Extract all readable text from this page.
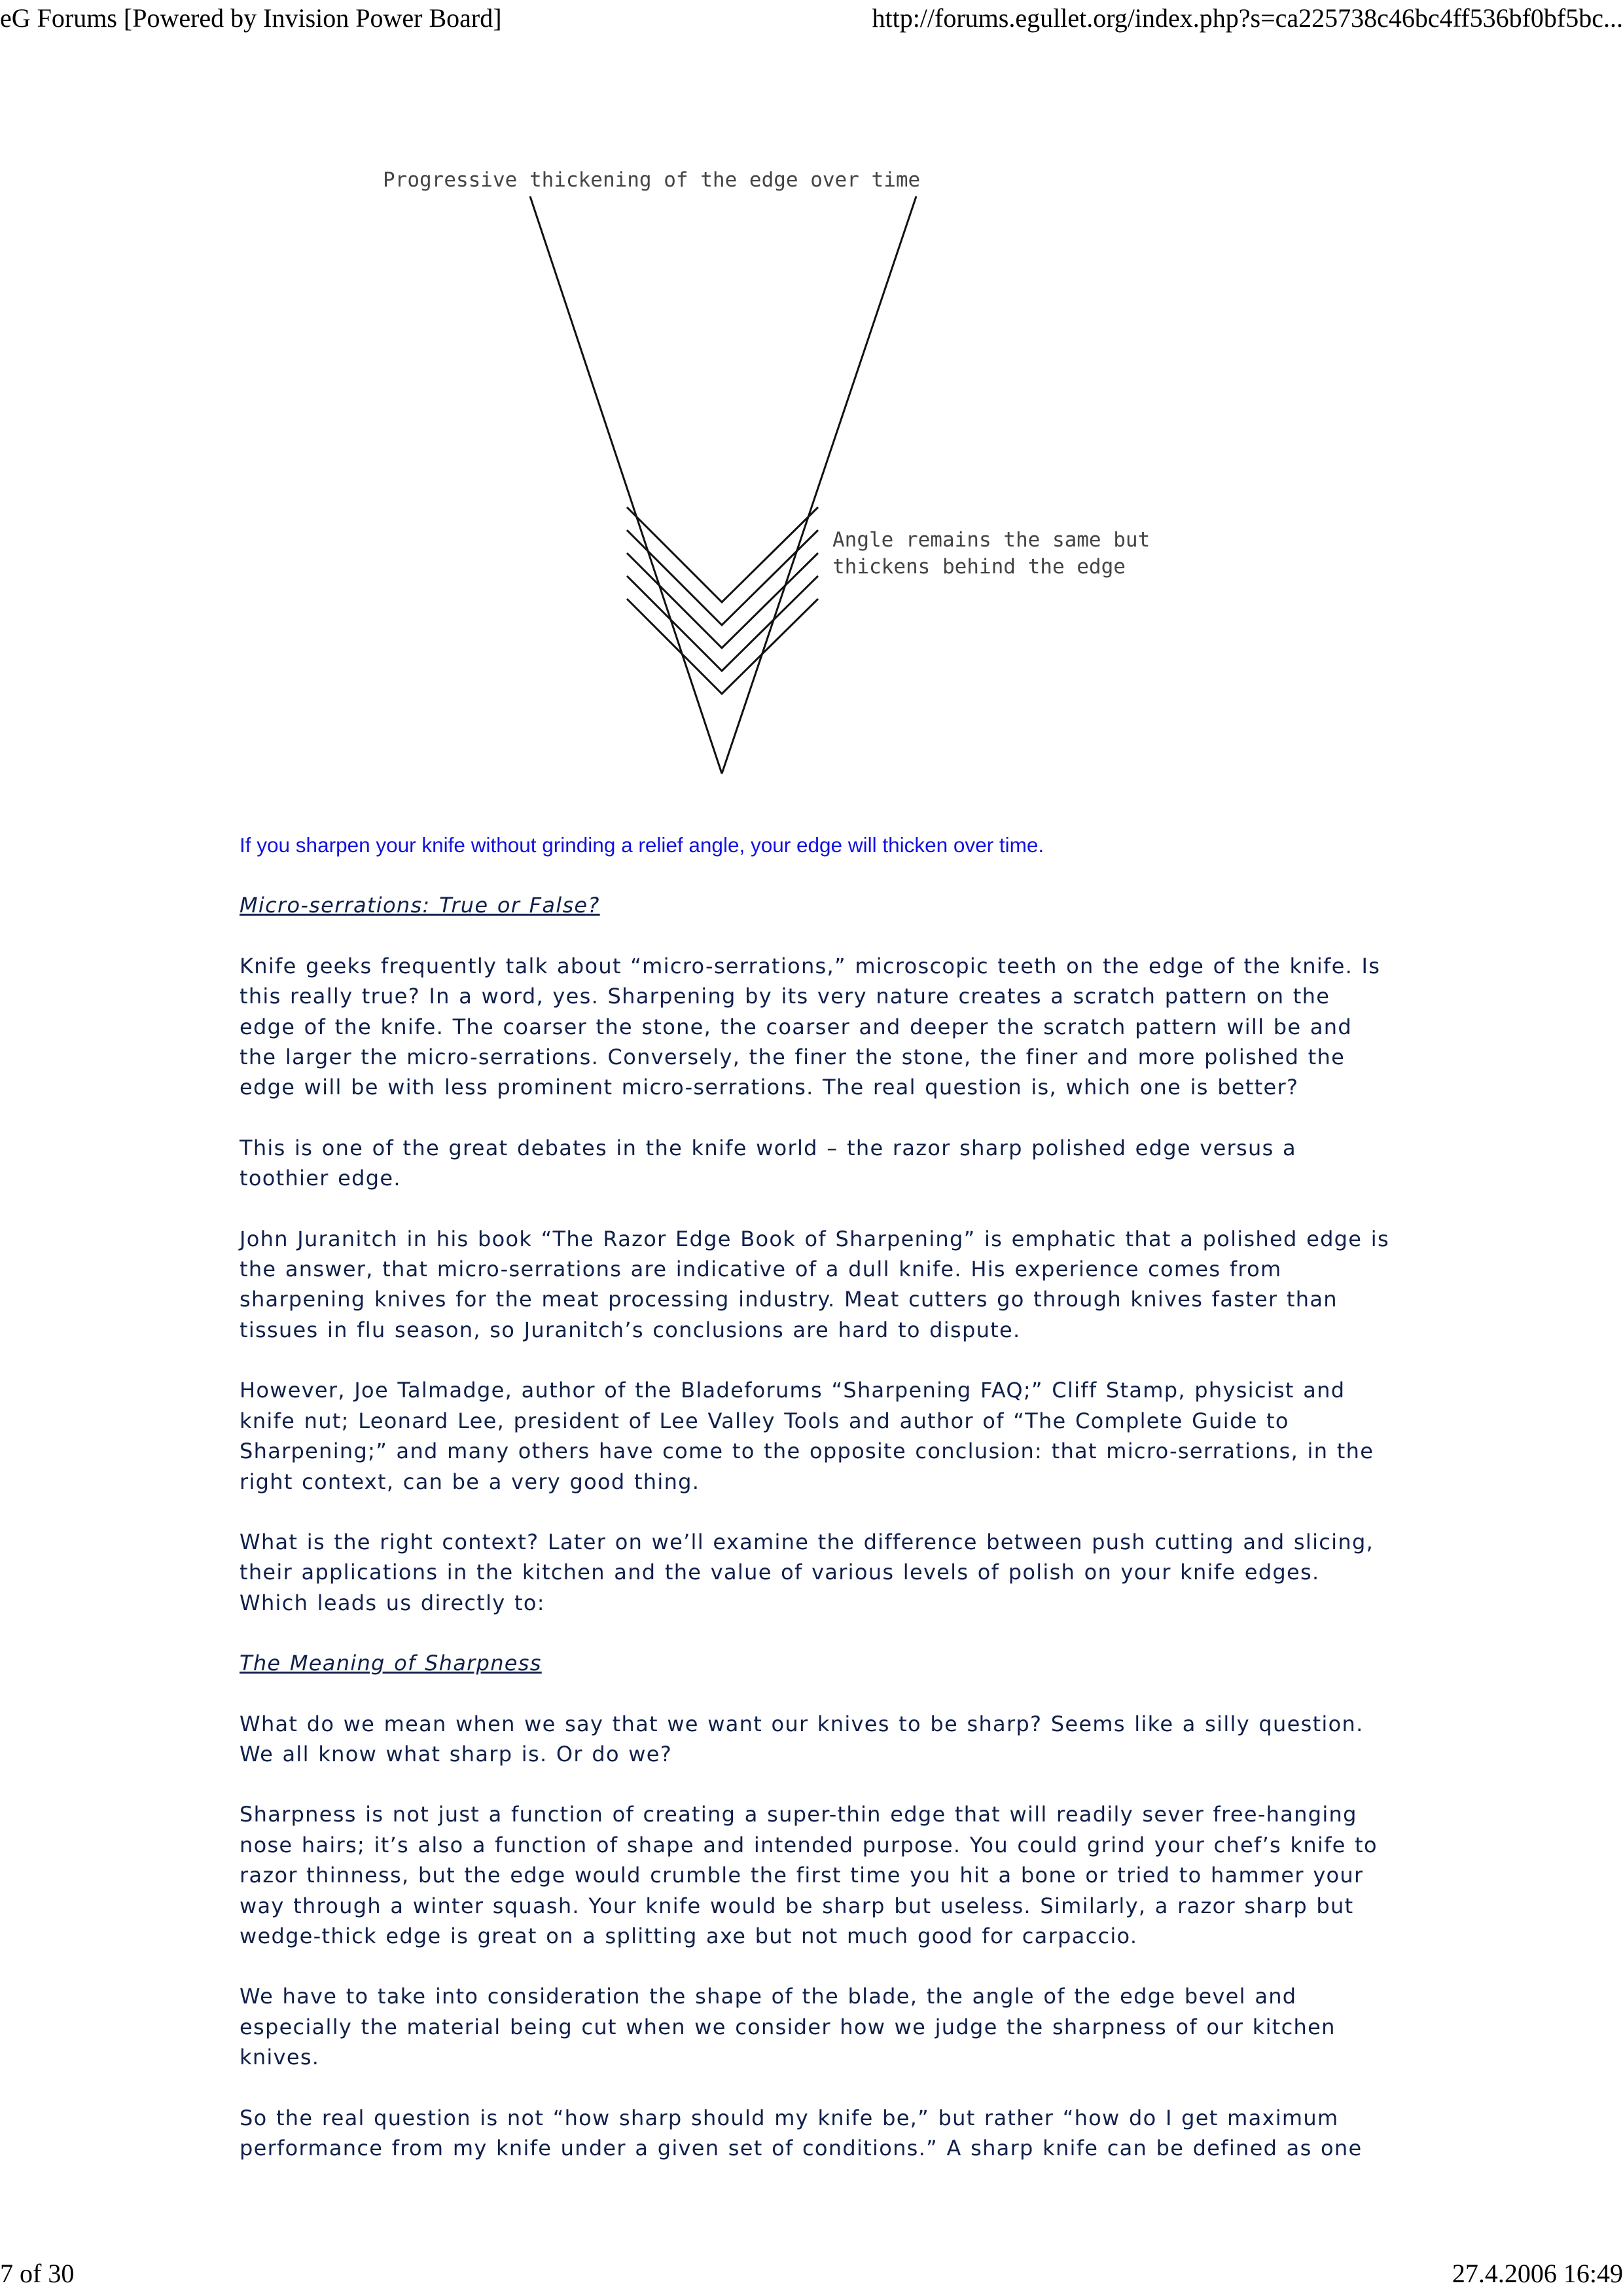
eG Forums [Powered by Invision Power Board]	http://forums.egullet.org/index.php?s=ca225738c46bc4ff536bf0bf5bc...
Progressive thickening of the edge over time
Angle remains the same but
thickens behind the edge

If you sharpen your knife without grinding a relief angle, your edge will thicken over time.

Micro-serrations: True or False?

Knife geeks frequently talk about “micro-serrations,” microscopic teeth on the edge of the knife. Is this really true? In a word, yes. Sharpening by its very nature creates a scratch pattern on the edge of the knife. The coarser the stone, the coarser and deeper the scratch pattern will be and the larger the micro-serrations. Conversely, the finer the stone, the finer and more polished the edge will be with less prominent micro-serrations. The real question is, which one is better?

This is one of the great debates in the knife world – the razor sharp polished edge versus a toothier edge.

John Juranitch in his book “The Razor Edge Book of Sharpening” is emphatic that a polished edge is the answer, that micro-serrations are indicative of a dull knife. His experience comes from sharpening knives for the meat processing industry. Meat cutters go through knives faster than tissues in flu season, so Juranitch’s conclusions are hard to dispute.

However, Joe Talmadge, author of the Bladeforums “Sharpening FAQ;” Cliff Stamp, physicist and knife nut; Leonard Lee, president of Lee Valley Tools and author of “The Complete Guide to Sharpening;” and many others have come to the opposite conclusion: that micro-serrations, in the right context, can be a very good thing.

What is the right context? Later on we’ll examine the difference between push cutting and slicing, their applications in the kitchen and the value of various levels of polish on your knife edges. Which leads us directly to:

The Meaning of Sharpness

What do we mean when we say that we want our knives to be sharp? Seems like a silly question. We all know what sharp is. Or do we?

Sharpness is not just a function of creating a super-thin edge that will readily sever free-hanging nose hairs; it’s also a function of shape and intended purpose. You could grind your chef’s knife to razor thinness, but the edge would crumble the first time you hit a bone or tried to hammer your way through a winter squash. Your knife would be sharp but useless. Similarly, a razor sharp but wedge-thick edge is great on a splitting axe but not much good for carpaccio.

We have to take into consideration the shape of the blade, the angle of the edge bevel and especially the material being cut when we consider how we judge the sharpness of our kitchen knives.

So the real question is not “how sharp should my knife be,” but rather “how do I get maximum performance from my knife under a given set of conditions.” A sharp knife can be defined as one

7 of 30	27.4.2006 16:49
